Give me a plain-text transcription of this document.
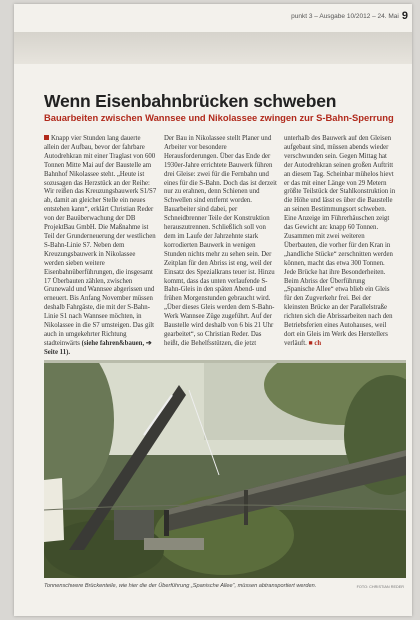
punkt 3 – Ausgabe 10/2012 – 24. Mai 9
Wenn Eisenbahnbrücken schweben
Bauarbeiten zwischen Wannsee und Nikolassee zwingen zur S-Bahn-Sperrung

Knapp vier Stunden lang dauerte allein der Aufbau, bevor der fahrbare Autodrehkran mit einer Traglast von 600 Tonnen Mitte Mai auf der Baustelle am Bahnhof Nikolassee steht. „Heute ist sozusagen das Herzstück an der Reihe: Wir reißen das Kreuzungsbauwerk S1/S7 ab, damit an gleicher Stelle ein neues entstehen kann“, erklärt Christian Reder von der Bauüberwachung der DB ProjektBau GmbH. Die Maßnahme ist Teil der Grunderneuerung der westlichen S-Bahn-Linie S7. Neben dem Kreuzungsbauwerk in Nikolassee werden sieben weitere Eisenbahnüberführungen, die insgesamt 17 Überbauten zählen, zwischen Grunewald und Wannsee abgerissen und erneuert. Bis Anfang November müssen deshalb Fahrgäste, die mit der S-Bahn-Linie S1 nach Wannsee möchten, in Nikolassee in die S7 umsteigen. Das gilt auch in umgekehrter Richtung stadteinwärts (siehe fahren&bauen, ➔ Seite 11).

Der Bau in Nikolassee stellt Planer und Arbeiter vor besondere Herausforderungen. Über das Ende der 1930er-Jahre errichtete Bauwerk führen drei Gleise: zwei für die Fernbahn und eines für die S-Bahn. Doch das ist derzeit nur zu erahnen, denn Schienen und Schwellen sind entfernt worden. Bauarbeiter sind dabei, per Schneidbrenner Teile der Konstruktion herauszutrennen. Schließlich soll von dem im Laufe der Jahrzehnte stark korrodierten Bauwerk in wenigen Stunden nichts mehr zu sehen sein. Der Zeitplan für den Abriss ist eng, weil der Einsatz des Spezialkrans teuer ist. Hinzu kommt, dass das unten verlaufende S-Bahn-Gleis in den späten Abend- und frühen Morgenstunden gebraucht wird. „Über dieses Gleis werden dem S-Bahn-Werk Wannsee Züge zugeführt. Auf der Baustelle wird deshalb von 6 bis 21 Uhr gearbeitet“, so Christian Reder. Das heißt, die Behelfsstützen, die jetzt

unterhalb des Bauwerk auf den Gleisen aufgebaut sind, müssen abends wieder verschwunden sein. Gegen Mittag hat der Autodrehkran seinen großen Auftritt an diesem Tag. Scheinbar mühelos hievt er das mit einer Länge von 29 Metern größte Teilstück der Stahlkonstruktion in die Höhe und lässt es über die Baustelle an seinen Bestimmungsort schweben. Eine Anzeige im Führerhäuschen zeigt das Gewicht an: knapp 60 Tonnen. Zusammen mit zwei weiteren Überbauten, die vorher für den Kran in „handliche Stücke“ zerschnitten werden können, macht das etwa 300 Tonnen. Jede Brücke hat ihre Besonderheiten. Beim Abriss der Überführung „Spanische Allee“ etwa blieb ein Gleis für den Zugverkehr frei. Bei der kleinsten Brücke an der Parallelstraße richten sich die Abrissarbeiten nach den Betriebsferien eines Autohauses, weil dort ein Gleis im Werk des Herstellers verläuft. ■ ch

Tonnenschwere Brückenteile, wie hier die der Überführung „Spanische Allee“, müssen abtransportiert werden.	FOTO: CHRISTIAN REDER
